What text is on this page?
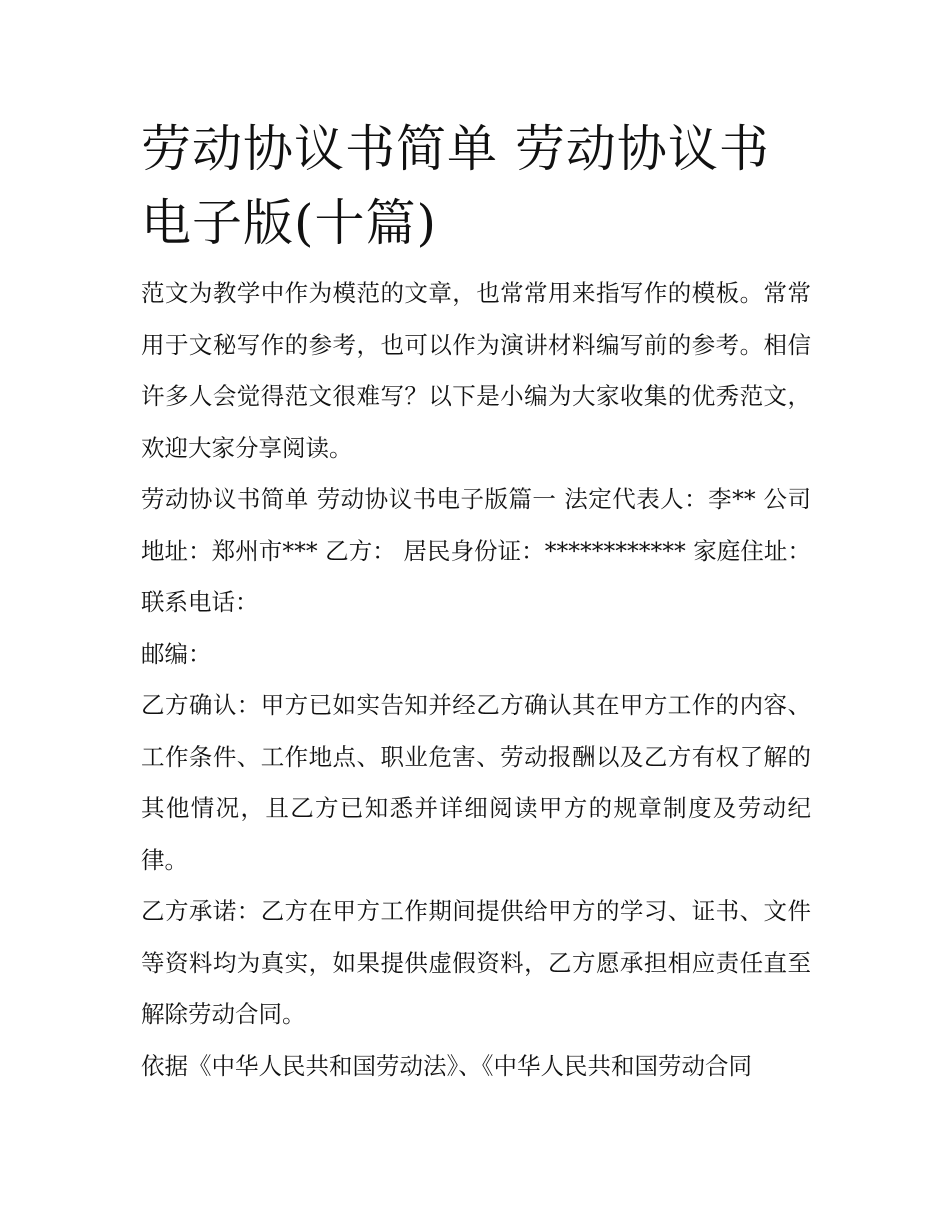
劳动协议书简单 劳动协议书电子版(十篇)

范文为教学中作为模范的文章，也常常用来指写作的模板。常常用于文秘写作的参考，也可以作为演讲材料编写前的参考。相信许多人会觉得范文很难写？以下是小编为大家收集的优秀范文，欢迎大家分享阅读。

劳动协议书简单 劳动协议书电子版篇一 法定代表人：李** 公司地址：郑州市*** 乙方： 居民身份证：************ 家庭住址： 联系电话：

邮编：

乙方确认：甲方已如实告知并经乙方确认其在甲方工作的内容、工作条件、工作地点、职业危害、劳动报酬以及乙方有权了解的其他情况，且乙方已知悉并详细阅读甲方的规章制度及劳动纪律。

乙方承诺：乙方在甲方工作期间提供给甲方的学习、证书、文件等资料均为真实，如果提供虚假资料，乙方愿承担相应责任直至解除劳动合同。

依据《中华人民共和国劳动法》、《中华人民共和国劳动合同
